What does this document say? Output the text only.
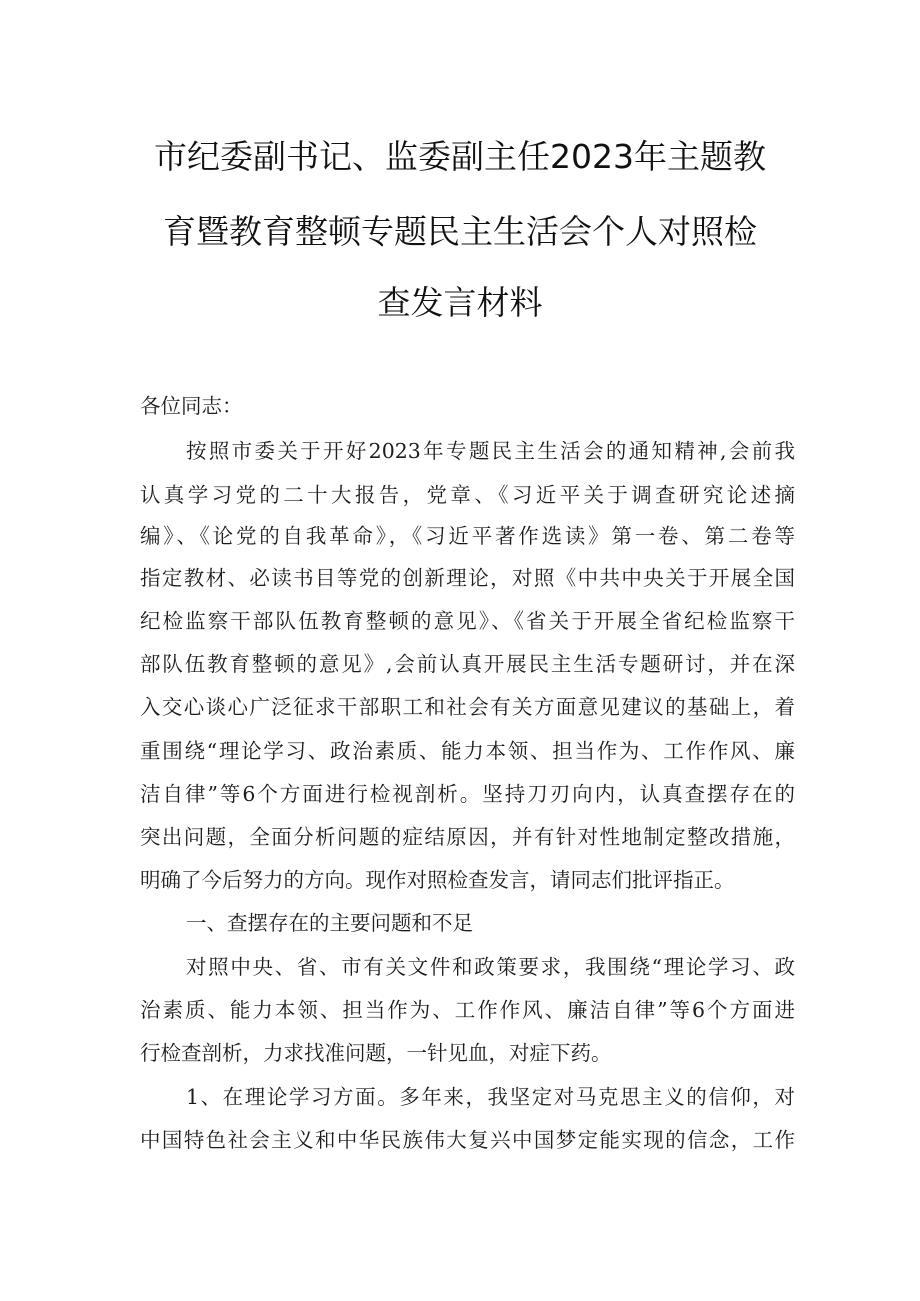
市纪委副书记、监委副主任2023年主题教
育暨教育整顿专题民主生活会个人对照检
查发言材料
各位同志：
按照市委关于开好2023年专题民主生活会的通知精神,会前我
认真学习党的二十大报告，党章、《习近平关于调查研究论述摘
编》、《论党的自我革命》，《习近平著作选读》第一卷、第二卷等
指定教材、必读书目等党的创新理论，对照《中共中央关于开展全国
纪检监察干部队伍教育整顿的意见》、《省关于开展全省纪检监察干
部队伍教育整顿的意见》,会前认真开展民主生活专题研讨，并在深
入交心谈心广泛征求干部职工和社会有关方面意见建议的基础上，着
重围绕“理论学习、政治素质、能力本领、担当作为、工作作风、廉
洁自律”等6个方面进行检视剖析。坚持刀刃向内，认真查摆存在的
突出问题，全面分析问题的症结原因，并有针对性地制定整改措施，
明确了今后努力的方向。现作对照检查发言，请同志们批评指正。
一、查摆存在的主要问题和不足
对照中央、省、市有关文件和政策要求，我围绕“理论学习、政
治素质、能力本领、担当作为、工作作风、廉洁自律”等6个方面进
行检查剖析，力求找准问题，一针见血，对症下药。
1、在理论学习方面。多年来，我坚定对马克思主义的信仰，对
中国特色社会主义和中华民族伟大复兴中国梦定能实现的信念，工作
